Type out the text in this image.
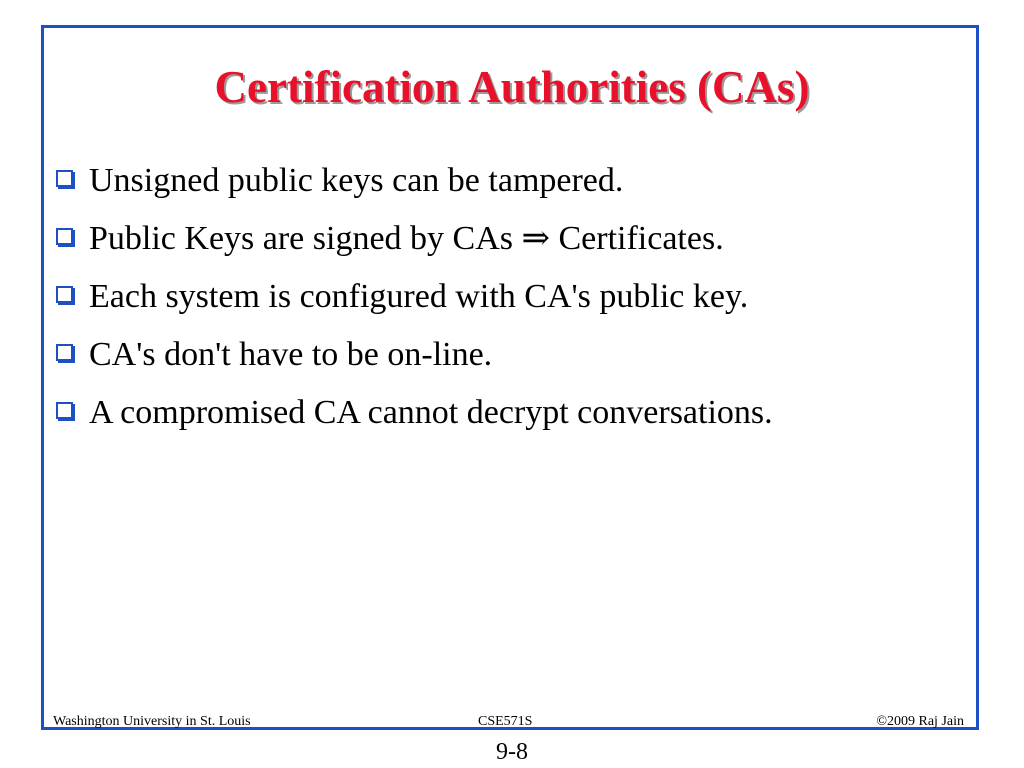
Certification Authorities (CAs)
Unsigned public keys can be tampered.
Public Keys are signed by CAs ⇒ Certificates.
Each system is configured with CA's public key.
CA's don't have to be on-line.
A compromised CA cannot decrypt conversations.
Washington University in St. Louis	CSE571S	©2009 Raj Jain
9-8
